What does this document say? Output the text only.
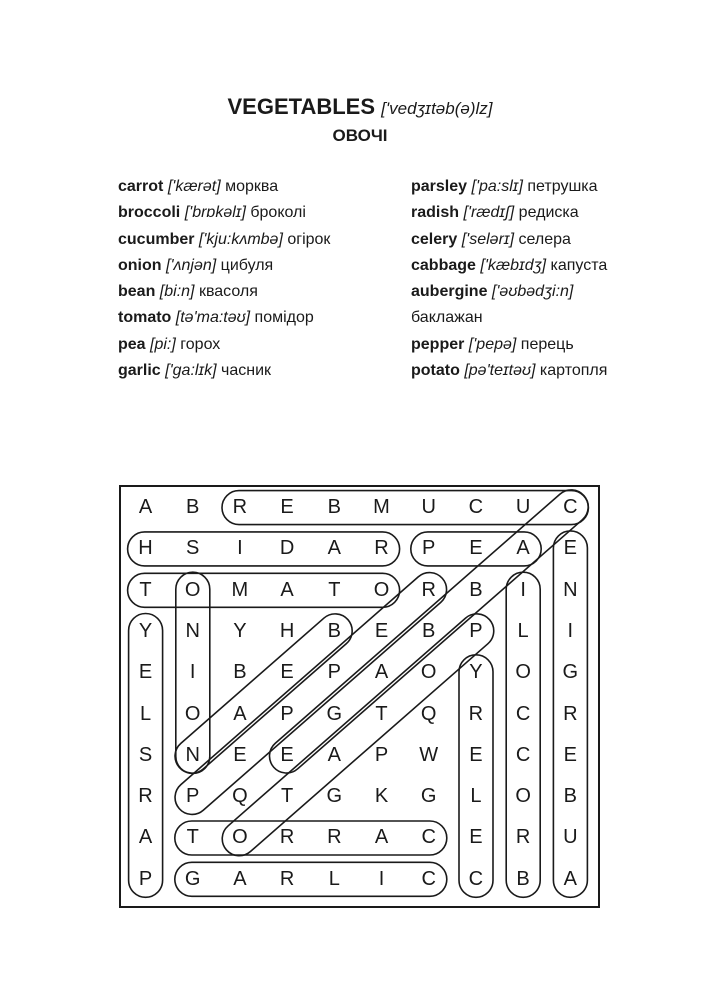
VEGETABLES ['vedʒɪtəb(ə)lz]
ОВОЧІ
carrot ['kærət] морква
broccoli ['brɒkəlɪ] броколі
cucumber ['kju:kʌmbə] огірок
onion ['ʌnjən] цибуля
bean [bi:n] квасоля
tomato [tə'ma:təʊ] помідор
pea [pi:] горох
garlic ['ga:lɪk] часник
parsley ['pa:slɪ] петрушка
radish ['rædɪʃ] редиска
celery ['selərɪ] селера
cabbage ['kæbɪdʒ] капуста
aubergine ['əʊbədʒi:n]
баклажан
pepper ['pepə] перець
potato [pə'teɪtəʊ] картопля
A	B	R	E	B	M	U	C	U	C
H	S	I	D	A	R	P	E	A	E
T	O	M	A	T	O	R	B	I	N
Y	N	Y	H	B	E	B	P	L	I
E	I	B	E	P	A	O	Y	O	G
L	O	A	P	G	T	Q	R	C	R
S	N	E	E	A	P	W	E	C	E
R	P	Q	T	G	K	G	L	O	B
A	T	O	R	R	A	C	E	R	U
P	G	A	R	L	I	C	C	B	A
